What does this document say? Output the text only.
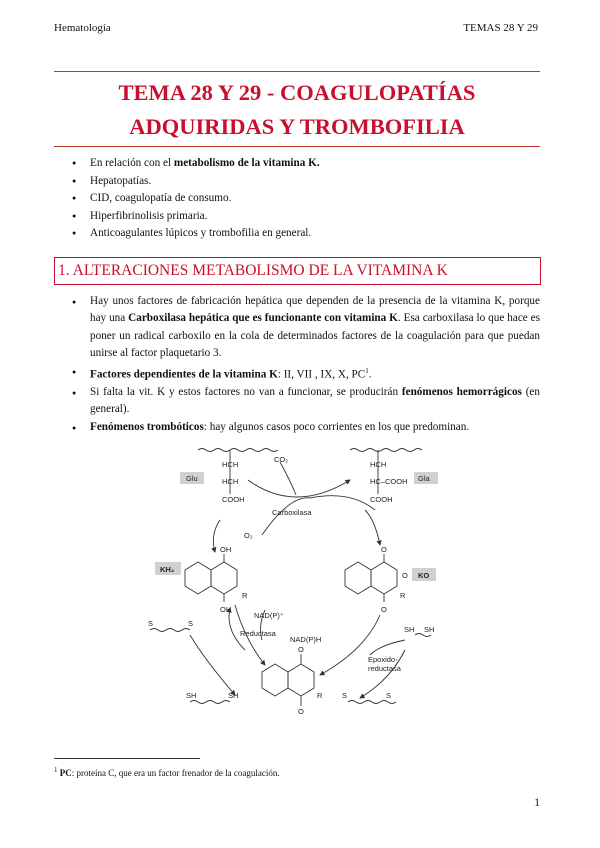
Hematología	TEMAS 28 Y 29
TEMA 28 Y 29 - COAGULOPATÍAS
ADQUIRIDAS Y TROMBOFILIA
● En relación con el metabolismo de la vitamina K.
● Hepatopatías.
● CID, coagulopatía de consumo.
● Hiperfibrinolisis primaria.
● Anticoagulantes lúpicos y trombofilia en general.
1. ALTERACIONES METABOLISMO DE LA VITAMINA K
● Hay unos factores de fabricación hepática que dependen de la presencia de la vitamina K, porque hay una Carboxilasa hepática que es funcionante con vitamina K. Esa carboxilasa lo que hace es poner un radical carboxilo en la cola de determinados factores de la coagulación para que puedan unirse al factor plaquetario 3.
● Factores dependientes de la vitamina K: II, VII , IX, X, $PC^1$.
● Si falta la vit. K y estos factores no van a funcionar, se producirán fenómenos hemorrágicos (en general).
● Fenómenos trombóticos: hay algunos casos poco corrientes en los que predominan.
Glu	Gla
HCH
HCH
COOH
HCH
HC–COOH
COOH
CO₂
O₂
Carboxilasa
KH₂
KO
OH
OH
R
O
O
O
R
O
O
R
NAD(P)⁺
NAD(P)H
Reductasa
Epoxido-
reductasa
S	S
SH	SH
SH SH
S	S
$^1$ PC: proteína C, que era un factor frenador de la coagulación.
1
